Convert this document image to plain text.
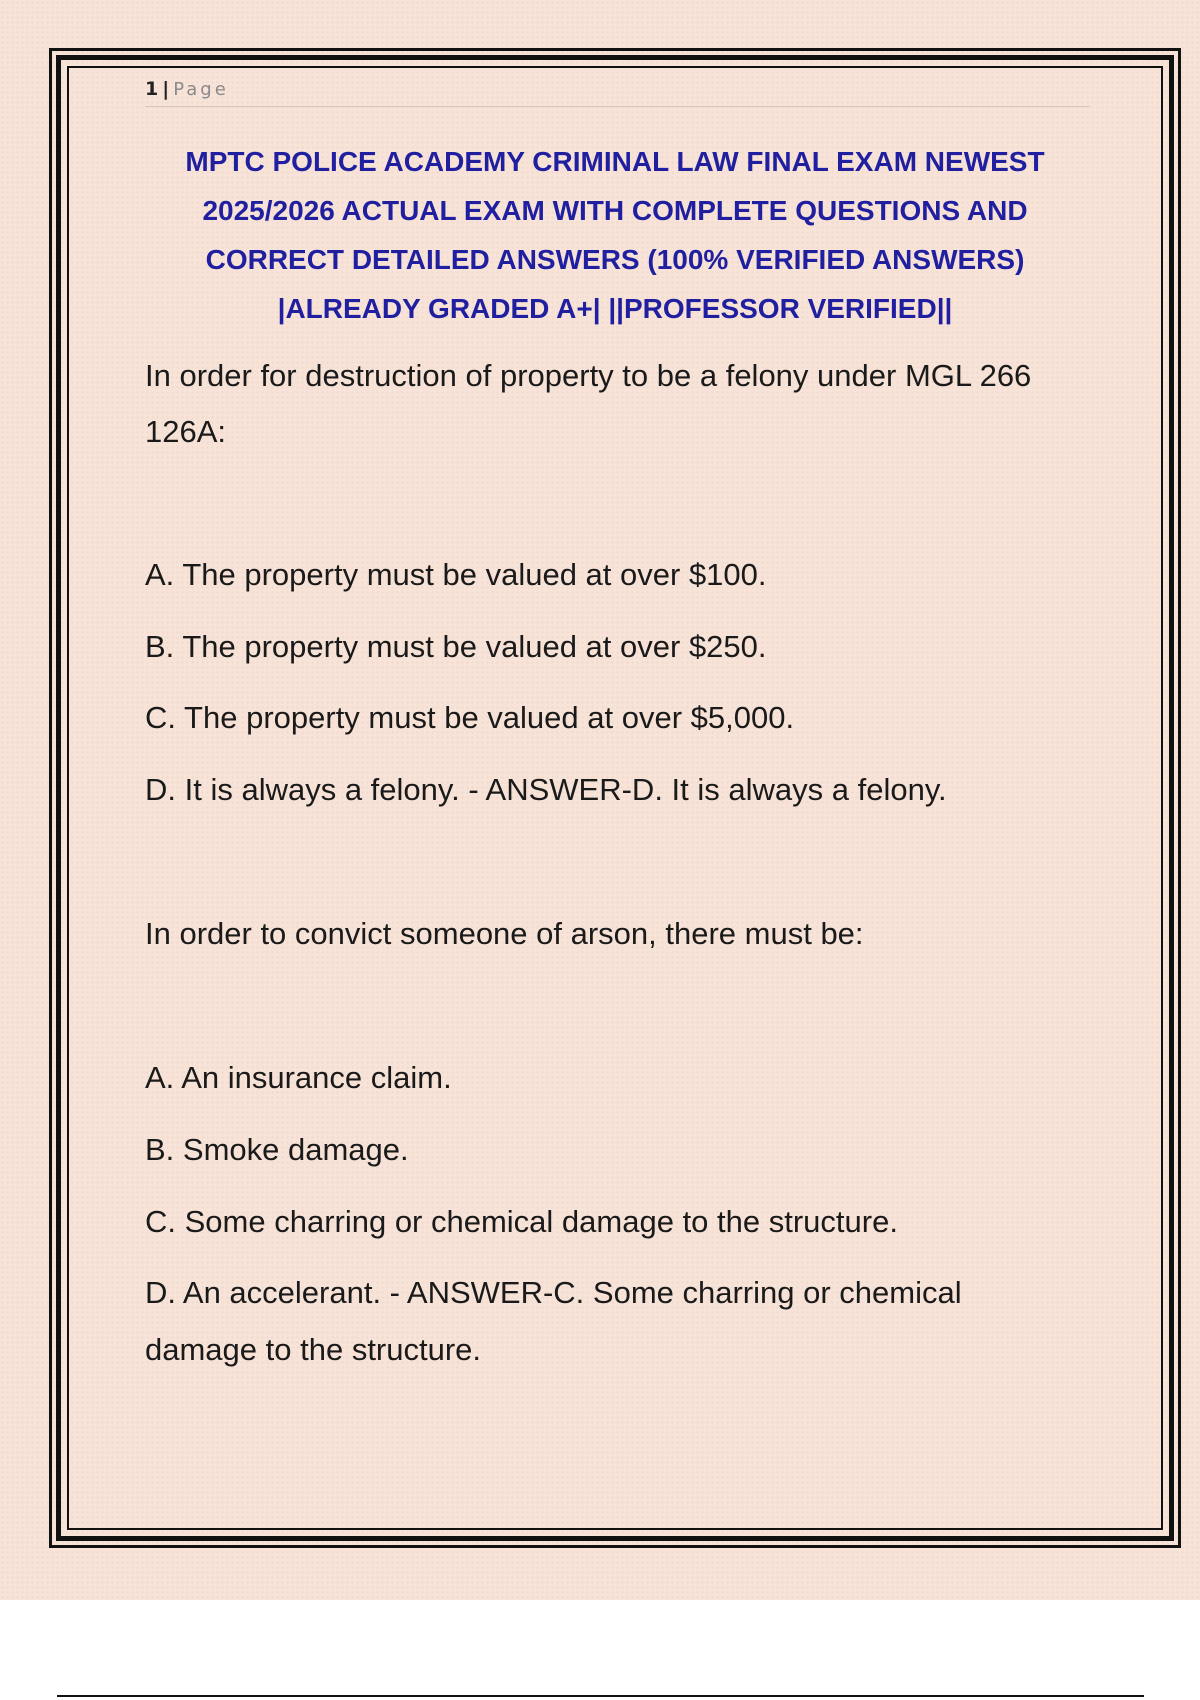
1 | Page
MPTC POLICE ACADEMY CRIMINAL LAW FINAL EXAM NEWEST
2025/2026 ACTUAL EXAM WITH COMPLETE QUESTIONS AND
CORRECT DETAILED ANSWERS (100% VERIFIED ANSWERS)
|ALREADY GRADED A+| ||PROFESSOR VERIFIED||
In order for destruction of property to be a felony under MGL 266
126A:
A. The property must be valued at over $100.
B. The property must be valued at over $250.
C. The property must be valued at over $5,000.
D. It is always a felony. - ANSWER-D. It is always a felony.
In order to convict someone of arson, there must be:
A. An insurance claim.
B. Smoke damage.
C. Some charring or chemical damage to the structure.
D. An accelerant. - ANSWER-C. Some charring or chemical
damage to the structure.
